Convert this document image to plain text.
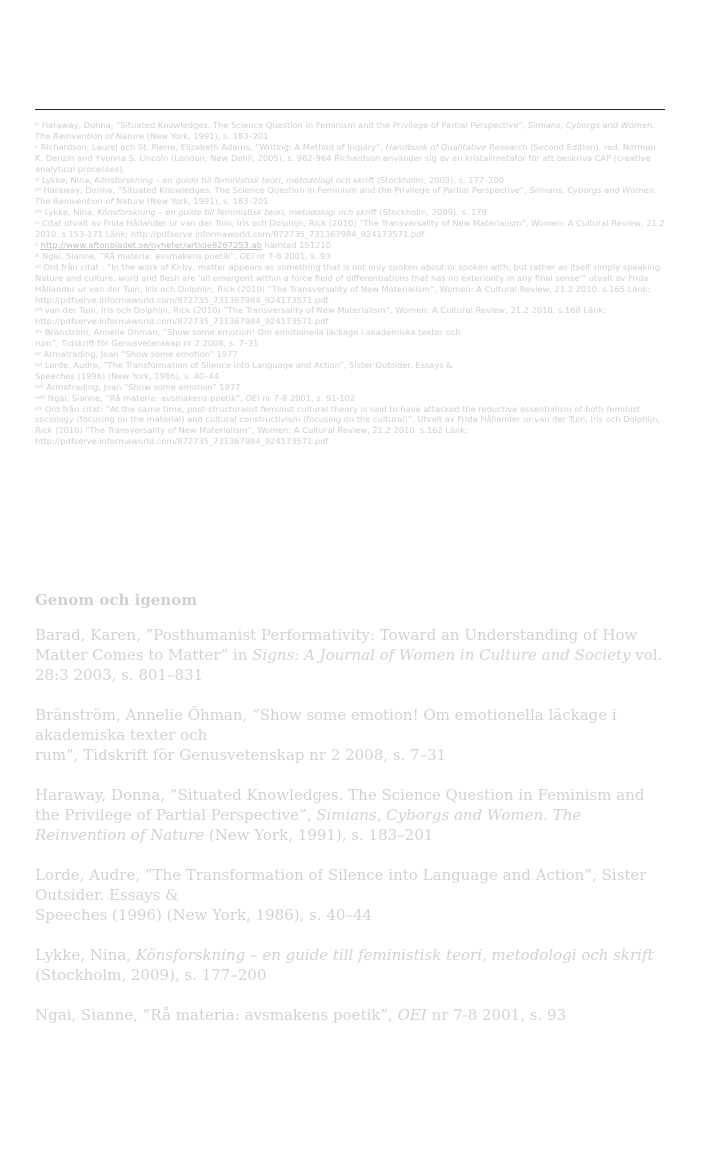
$^{iii}$ Haraway, Donna, ”Situated Knowledges. The Science Question in Feminism and the Privilege of Partial Perspective”, Simians, Cyborgs and Women. The Reinvention of Nature (New York, 1991), s. 183–201

$^v$ Richardson, Laurel och St. Pierre, Elizabeth Adams, ”Writing: A Method of Inquiry”, Handbook of Qualitative Research (Second Edition), red. Norman K. Denzin and Yvonna S. Lincoln (London; New Dehli, 2005), s. 962-964 Richardson använder sig av en kristallmetafor för att beskriva CAP (creative analytical processes).

$^{vi}$ Lykke, Nina, Könsforskning – en guide till feministisk teori, metodologi och skrift (Stockholm, 2009), s. 177–200

$^{vii}$ Haraway, Donna, ”Situated Knowledges. The Science Question in Feminism and the Privilege of Partial Perspective”, Simians, Cyborgs and Women. The Reinvention of Nature (New York, 1991), s. 183–201

$^{viii}$ Lykke, Nina, Könsforskning – en guide till feministisk teori, metodologi och skrift (Stockholm, 2009), s. 179

$^{ix}$ Citat utvalt av Frida Hållander ur van der Tuin, Iris och Dolphijn, Rick (2010) ”The Transversality of New Materialism”, Women: A Cultural Review, 21.2 2010. s.153-171 Länk: http://pdfserve.informaworld.com/872735_731367984_924173571.pdf

$^x$ http://www.aftonbladet.se/nyheter/article8267253.ab hämtad 151210

$^{xi}$ Ngai, Sianne, ”Rå materia: avsmakens poetik”, OEI nr 7-8 2001, s. 93

$^{xii}$ Ord från citat : ”In the work of Kirby, matter appears as something that is not only spoken about or spoken with, but rather as itself simply speaking. Nature and culture, word and flesh are 'all emergent within a force field of differentiations that has no exteriority in any final sense'” utvalt av Frida Hållander ur van der Tuin, Iris och Dolphijn, Rick (2010) ”The Transversality of New Materialism”, Women: A Cultural Review, 21.2 2010. s.165 Länk: http://pdfserve.informaworld.com/872735_731367984_924173571.pdf

$^{xiii}$ van der Tuin, Iris och Dolphijn, Rick (2010) ”The Transversality of New Materialism”, Women: A Cultural Review, 21.2 2010. s.168 Länk: http://pdfserve.informaworld.com/872735_731367984_924173571.pdf

$^{xiv}$ Bränström, Annelie Öhman, ”Show some emotion! Om emotionella läckage i akademiska texter och
rum”, Tidskrift för Genusvetenskap nr 2 2008, s. 7–31

$^{xv}$ Armatrading, Joan ”Show some emotion” 1977

$^{xvi}$ Lorde, Audre, ”The Transformation of Silence into Language and Action”, Sister Outsider. Essays &
Speeches (1996) (New York, 1986), s. 40–44

$^{xvii}$ Armatrading, Joan ”Show some emotion” 1977

$^{xviii}$ Ngai, Sianne, ”Rå materia: avsmakens poetik”, OEI nr 7-8 2001, s. 91-102

$^{xix}$ Ord från citat: ”At the same time, post-structuralist feminist cultural theory is said to have attacked the reductive essentialism of both feminist sociology (focusing on the material) and cultural constructivism (focusing on the cultural)”. Utvalt av Frida Hållander ur van der Tuin, Iris och Dolphijn, Rick (2010) ”The Transversality of New Materialism”, Women: A Cultural Review, 21.2 2010. s.162 Länk: http://pdfserve.informaworld.com/872735_731367984_924173571.pdf

Genom och igenom

Barad, Karen, ”Posthumanist Performativity: Toward an Understanding of How Matter Comes to Matter” in Signs: A Journal of Women in Culture and Society vol. 28:3 2003, s. 801–831

Bränström, Annelie Öhman, ”Show some emotion! Om emotionella läckage i akademiska texter och
rum”, Tidskrift för Genusvetenskap nr 2 2008, s. 7–31

Haraway, Donna, ”Situated Knowledges. The Science Question in Feminism and the Privilege of Partial Perspective”, Simians, Cyborgs and Women. The Reinvention of Nature (New York, 1991), s. 183–201

Lorde, Audre, ”The Transformation of Silence into Language and Action”, Sister Outsider. Essays &
Speeches (1996) (New York, 1986), s. 40–44

Lykke, Nina, Könsforskning – en guide till feministisk teori, metodologi och skrift (Stockholm, 2009), s. 177–200

Ngai, Sianne, ”Rå materia: avsmakens poetik”, OEI nr 7-8 2001, s. 93
